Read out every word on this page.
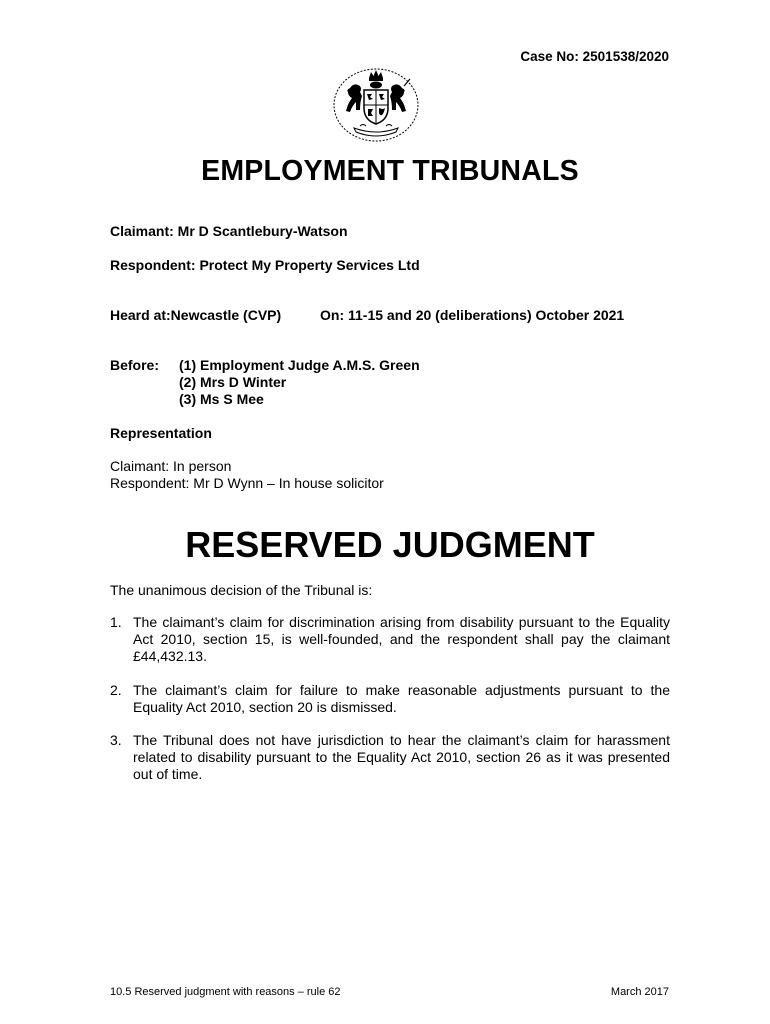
Case No: 2501538/2020
EMPLOYMENT TRIBUNALS
Claimant: Mr D Scantlebury-Watson
Respondent: Protect My Property Services Ltd
Heard at:Newcastle (CVP)	On: 11-15 and 20 (deliberations) October 2021
Before: (1) Employment Judge A.M.S. Green
(2) Mrs D Winter
(3) Ms S Mee
Representation
Claimant: In person
Respondent: Mr D Wynn – In house solicitor
RESERVED JUDGMENT
The unanimous decision of the Tribunal is:
1. The claimant’s claim for discrimination arising from disability pursuant to the Equality Act 2010, section 15, is well-founded, and the respondent shall pay the claimant £44,432.13.
2. The claimant’s claim for failure to make reasonable adjustments pursuant to the Equality Act 2010, section 20 is dismissed.
3. The Tribunal does not have jurisdiction to hear the claimant’s claim for harassment related to disability pursuant to the Equality Act 2010, section 26 as it was presented out of time.
10.5 Reserved judgment with reasons – rule 62	March 2017
